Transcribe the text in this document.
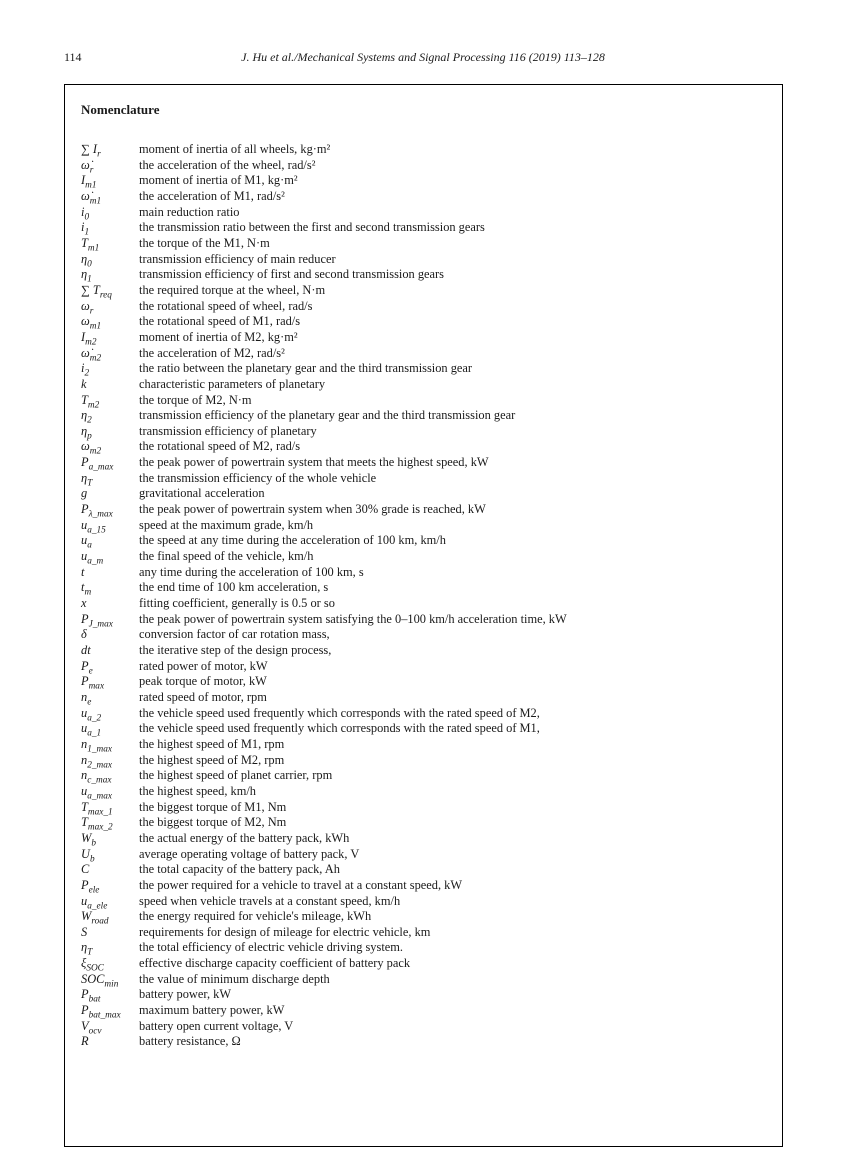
114	J. Hu et al./Mechanical Systems and Signal Processing 116 (2019) 113–128
Nomenclature
∑ $I_r$	moment of inertia of all wheels, kg·m²
$\omegȧ_r$	the acceleration of the wheel, rad/s²
$I_{m1}$	moment of inertia of M1, kg·m²
$\omegȧ_{m1}$	the acceleration of M1, rad/s²
$i_0$	main reduction ratio
$i_1$	the transmission ratio between the first and second transmission gears
$T_{m1}$	the torque of the M1, N·m
$\eta_0$	transmission efficiency of main reducer
$\eta_1$	transmission efficiency of first and second transmission gears
∑ $T_{req}$	the required torque at the wheel, N·m
$\omega_r$	the rotational speed of wheel, rad/s
$\omega_{m1}$	the rotational speed of M1, rad/s
$I_{m2}$	moment of inertia of M2, kg·m²
$\omegȧ_{m2}$	the acceleration of M2, rad/s²
$i_2$	the ratio between the planetary gear and the third transmission gear
k	characteristic parameters of planetary
$T_{m2}$	the torque of M2, N·m
$\eta_2$	transmission efficiency of the planetary gear and the third transmission gear
$\eta_p$	transmission efficiency of planetary
$\omega_{m2}$	the rotational speed of M2, rad/s
$P_{a\_max}$	the peak power of powertrain system that meets the highest speed, kW
$\eta_T$	the transmission efficiency of the whole vehicle
g	gravitational acceleration
$P_{\lambda\_max}$	the peak power of powertrain system when 30% grade is reached, kW
$u_{a\_15}$	speed at the maximum grade, km/h
$u_a$	the speed at any time during the acceleration of 100 km, km/h
$u_{a\_m}$	the final speed of the vehicle, km/h
t	any time during the acceleration of 100 km, s
$t_m$	the end time of 100 km acceleration, s
x	fitting coefficient, generally is 0.5 or so
$P_{J\_max}$	the peak power of powertrain system satisfying the 0–100 km/h acceleration time, kW
δ	conversion factor of car rotation mass,
dt	the iterative step of the design process,
$P_e$	rated power of motor, kW
$P_{max}$	peak torque of motor, kW
$n_e$	rated speed of motor, rpm
$u_{a\_2}$	the vehicle speed used frequently which corresponds with the rated speed of M2,
$u_{a\_1}$	the vehicle speed used frequently which corresponds with the rated speed of M1,
$n_{1\_max}$	the highest speed of M1, rpm
$n_{2\_max}$	the highest speed of M2, rpm
$n_{c\_max}$	the highest speed of planet carrier, rpm
$u_{a\_max}$	the highest speed, km/h
$T_{max\_1}$	the biggest torque of M1, Nm
$T_{max\_2}$	the biggest torque of M2, Nm
$W_b$	the actual energy of the battery pack, kWh
$U_b$	average operating voltage of battery pack, V
C	the total capacity of the battery pack, Ah
$P_{ele}$	the power required for a vehicle to travel at a constant speed, kW
$u_{a\_ele}$	speed when vehicle travels at a constant speed, km/h
$W_{road}$	the energy required for vehicle's mileage, kWh
S	requirements for design of mileage for electric vehicle, km
$\eta_T$	the total efficiency of electric vehicle driving system.
$\xi_{SOC}$	effective discharge capacity coefficient of battery pack
$SOC_{min}$	the value of minimum discharge depth
$P_{bat}$	battery power, kW
$P_{bat\_max}$	maximum battery power, kW
$V_{ocv}$	battery open current voltage, V
R	battery resistance, Ω
